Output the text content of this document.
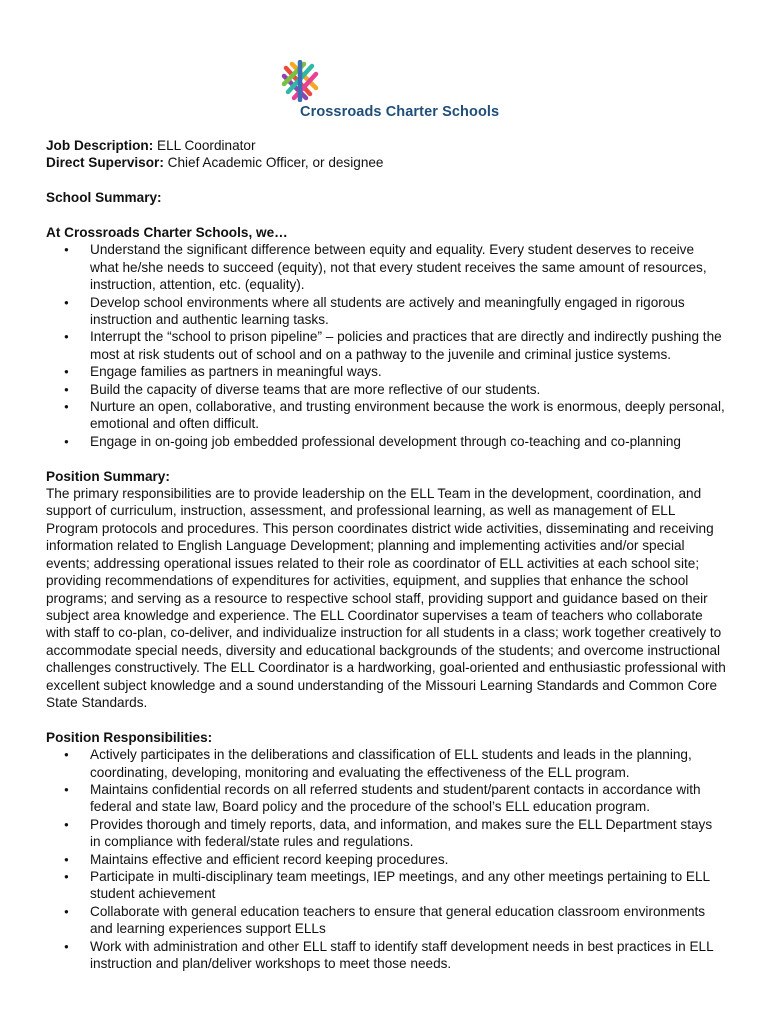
Crossroads Charter Schools

Job Description: ELL Coordinator

Direct Supervisor: Chief Academic Officer, or designee

School Summary:

At Crossroads Charter Schools, we…

● Understand the significant difference between equity and equality. Every student deserves to receive what he/she needs to succeed (equity), not that every student receives the same amount of resources, instruction, attention, etc. (equality).
● Develop school environments where all students are actively and meaningfully engaged in rigorous instruction and authentic learning tasks.
● Interrupt the “school to prison pipeline” – policies and practices that are directly and indirectly pushing the most at risk students out of school and on a pathway to the juvenile and criminal justice systems.
● Engage families as partners in meaningful ways.
● Build the capacity of diverse teams that are more reflective of our students.
● Nurture an open, collaborative, and trusting environment because the work is enormous, deeply personal, emotional and often difficult.
● Engage in on-going job embedded professional development through co-teaching and co-planning

Position Summary:

The primary responsibilities are to provide leadership on the ELL Team in the development, coordination, and support of curriculum, instruction, assessment, and professional learning, as well as management of ELL Program protocols and procedures. This person coordinates district wide activities, disseminating and receiving information related to English Language Development; planning and implementing activities and/or special events; addressing operational issues related to their role as coordinator of ELL activities at each school site; providing recommendations of expenditures for activities, equipment, and supplies that enhance the school programs; and serving as a resource to respective school staff, providing support and guidance based on their subject area knowledge and experience. The ELL Coordinator supervises a team of teachers who collaborate with staff to co-plan, co-deliver, and individualize instruction for all students in a class; work together creatively to accommodate special needs, diversity and educational backgrounds of the students; and overcome instructional challenges constructively. The ELL Coordinator is a hardworking, goal-oriented and enthusiastic professional with excellent subject knowledge and a sound understanding of the Missouri Learning Standards and Common Core State Standards.

Position Responsibilities:

● Actively participates in the deliberations and classification of ELL students and leads in the planning, coordinating, developing, monitoring and evaluating the effectiveness of the ELL program.
● Maintains confidential records on all referred students and student/parent contacts in accordance with federal and state law, Board policy and the procedure of the school’s ELL education program.
● Provides thorough and timely reports, data, and information, and makes sure the ELL Department stays in compliance with federal/state rules and regulations.
● Maintains effective and efficient record keeping procedures.
● Participate in multi-disciplinary team meetings, IEP meetings, and any other meetings pertaining to ELL student achievement
● Collaborate with general education teachers to ensure that general education classroom environments and learning experiences support ELLs
● Work with administration and other ELL staff to identify staff development needs in best practices in ELL instruction and plan/deliver workshops to meet those needs.
